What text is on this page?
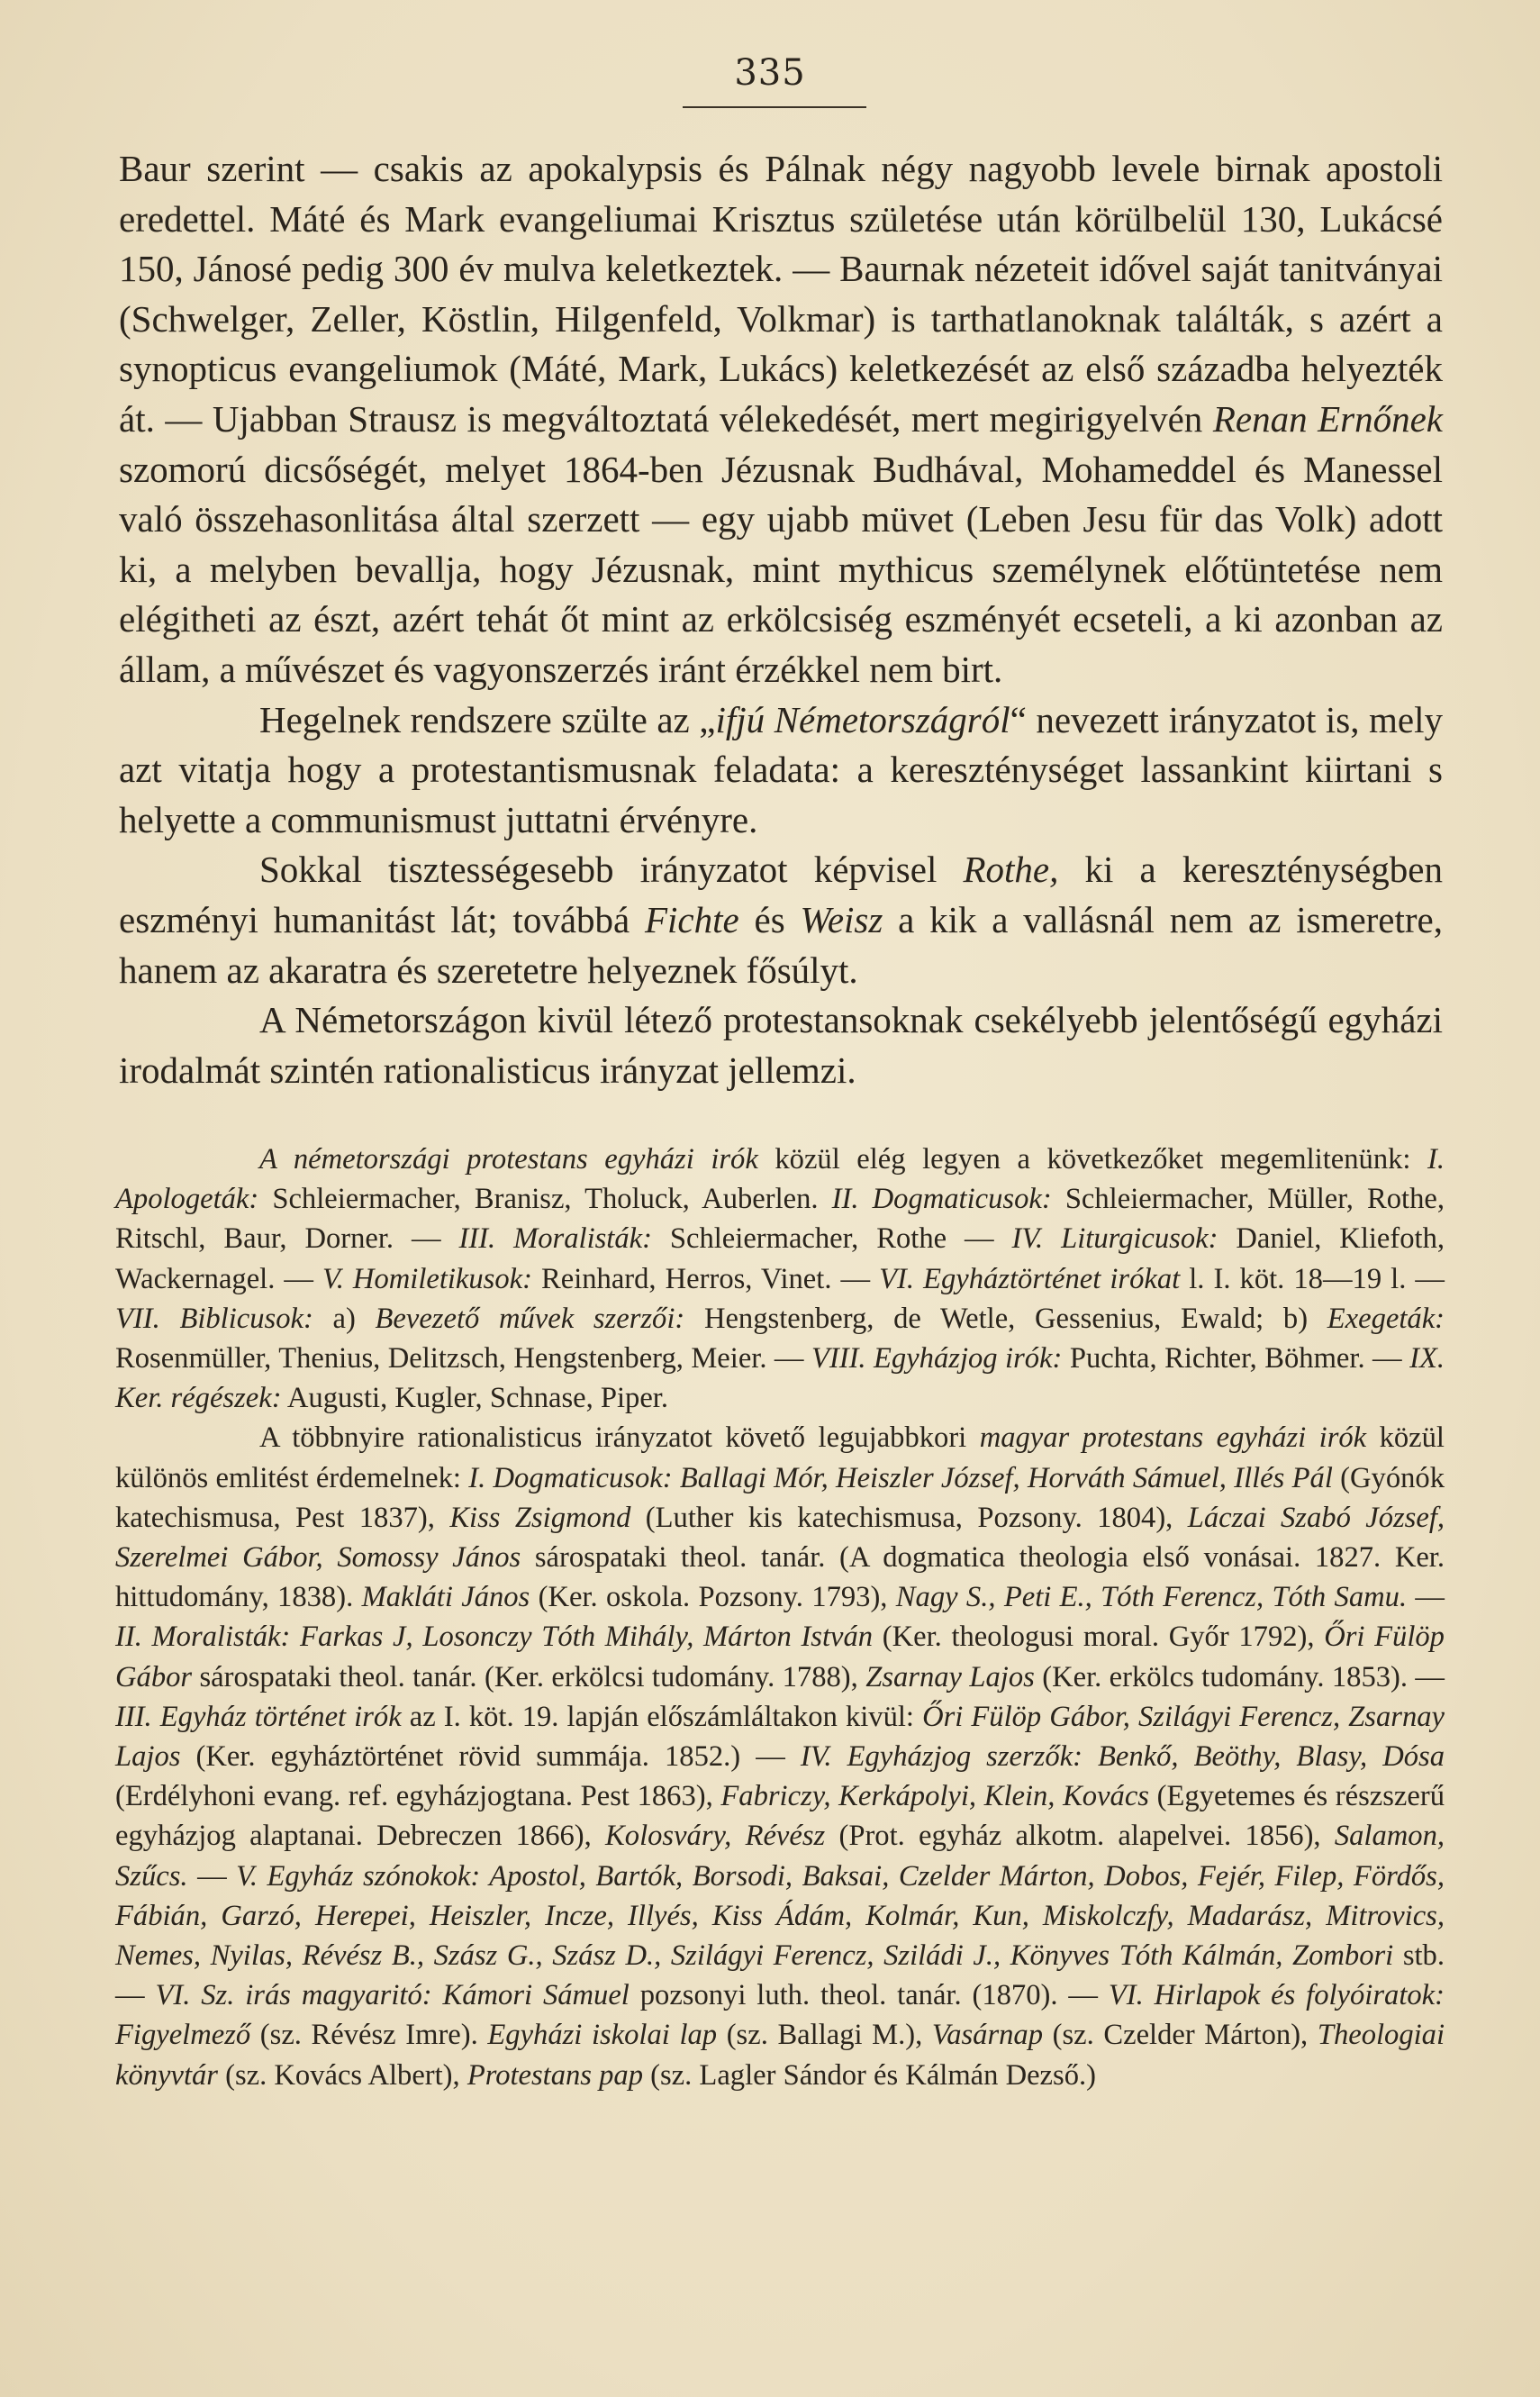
335

Baur szerint — csakis az apokalypsis és Pálnak négy nagyobb levele birnak apostoli eredettel. Máté és Mark evangeliumai Krisztus születése után körülbelül 130, Lukácsé 150, Jánosé pedig 300 év mulva keletkeztek. — Baurnak nézeteit idővel saját tanitványai (Schwelger, Zeller, Köstlin, Hilgenfeld, Volkmar) is tarthatlanoknak találták, s azért a synopticus evangeliumok (Máté, Mark, Lukács) keletkezését az első századba helyezték át. — Ujabban Strausz is megváltoztatá vélekedését, mert megirigyelvén Renan Ernőnek szomorú dicsőségét, melyet 1864-ben Jézusnak Budhával, Mohameddel és Manessel való összehasonlitása által szerzett — egy ujabb müvet (Leben Jesu für das Volk) adott ki, a melyben bevallja, hogy Jézusnak, mint mythicus személynek előtüntetése nem elégitheti az észt, azért tehát őt mint az erkölcsiség eszményét ecseteli, a ki azonban az állam, a művészet és vagyonszerzés iránt érzékkel nem birt.

Hegelnek rendszere szülte az „ifjú Németországról“ nevezett irányzatot is, mely azt vitatja hogy a protestantismusnak feladata: a kereszténységet lassankint kiirtani s helyette a communismust juttatni érvényre.

Sokkal tisztességesebb irányzatot képvisel Rothe, ki a kereszténységben eszményi humanitást lát; továbbá Fichte és Weisz a kik a vallásnál nem az ismeretre, hanem az akaratra és szeretetre helyeznek fősúlyt.

A Németországon kivül létező protestansoknak csekélyebb jelentőségű egyházi irodalmát szintén rationalisticus irányzat jellemzi.

A németországi protestans egyházi irók közül elég legyen a következőket megemlitenünk: I. Apologeták: Schleiermacher, Branisz, Tholuck, Auberlen. II. Dogmaticusok: Schleiermacher, Müller, Rothe, Ritschl, Baur, Dorner. — III. Moralisták: Schleiermacher, Rothe — IV. Liturgicusok: Daniel, Kliefoth, Wackernagel. — V. Homiletikusok: Reinhard, Herros, Vinet. — VI. Egyháztörténet irókat l. I. köt. 18—19 l. — VII. Biblicusok: a) Bevezető művek szerzői: Hengstenberg, de Wetle, Gessenius, Ewald; b) Exegeták: Rosenmüller, Thenius, Delitzsch, Hengstenberg, Meier. — VIII. Egyházjog irók: Puchta, Richter, Böhmer. — IX. Ker. régészek: Augusti, Kugler, Schnase, Piper.

A többnyire rationalisticus irányzatot követő legujabbkori magyar protestans egyházi irók közül különös emlitést érdemelnek: I. Dogmaticusok: Ballagi Mór, Heiszler József, Horváth Sámuel, Illés Pál (Gyónók katechismusa, Pest 1837), Kiss Zsigmond (Luther kis katechismusa, Pozsony. 1804), Láczai Szabó József, Szerelmei Gábor, Somossy János sárospataki theol. tanár. (A dogmatica theologia első vonásai. 1827. Ker. hittudomány, 1838). Makláti János (Ker. oskola. Pozsony. 1793), Nagy S., Peti E., Tóth Ferencz, Tóth Samu. — II. Moralisták: Farkas J, Losonczy Tóth Mihály, Márton István (Ker. theologusi moral. Győr 1792), Őri Fülöp Gábor sárospataki theol. tanár. (Ker. erkölcsi tudomány. 1788), Zsarnay Lajos (Ker. erkölcs tudomány. 1853). — III. Egyház történet irók az I. köt. 19. lapján előszámláltakon kivül: Őri Fülöp Gábor, Szilágyi Ferencz, Zsarnay Lajos (Ker. egyháztörténet rövid summája. 1852.) — IV. Egyházjog szerzők: Benkő, Beöthy, Blasy, Dósa (Erdélyhoni evang. ref. egyházjogtana. Pest 1863), Fabriczy, Kerkápolyi, Klein, Kovács (Egyetemes és részszerű egyházjog alaptanai. Debreczen 1866), Kolosváry, Révész (Prot. egyház alkotm. alapelvei. 1856), Salamon, Szűcs. — V. Egyház szónokok: Apostol, Bartók, Borsodi, Baksai, Czelder Márton, Dobos, Fejér, Filep, Fördős, Fábián, Garzó, Herepei, Heiszler, Incze, Illyés, Kiss Ádám, Kolmár, Kun, Miskolczfy, Madarász, Mitrovics, Nemes, Nyilas, Révész B., Szász G., Szász D., Szilágyi Ferencz, Sziládi J., Könyves Tóth Kálmán, Zombori stb. — VI. Sz. irás magyaritó: Kámori Sámuel pozsonyi luth. theol. tanár. (1870). — VI. Hirlapok és folyóiratok: Figyelmező (sz. Révész Imre). Egyházi iskolai lap (sz. Ballagi M.), Vasárnap (sz. Czelder Márton), Theologiai könyvtár (sz. Kovács Albert), Protestans pap (sz. Lagler Sándor és Kálmán Dezső.)
